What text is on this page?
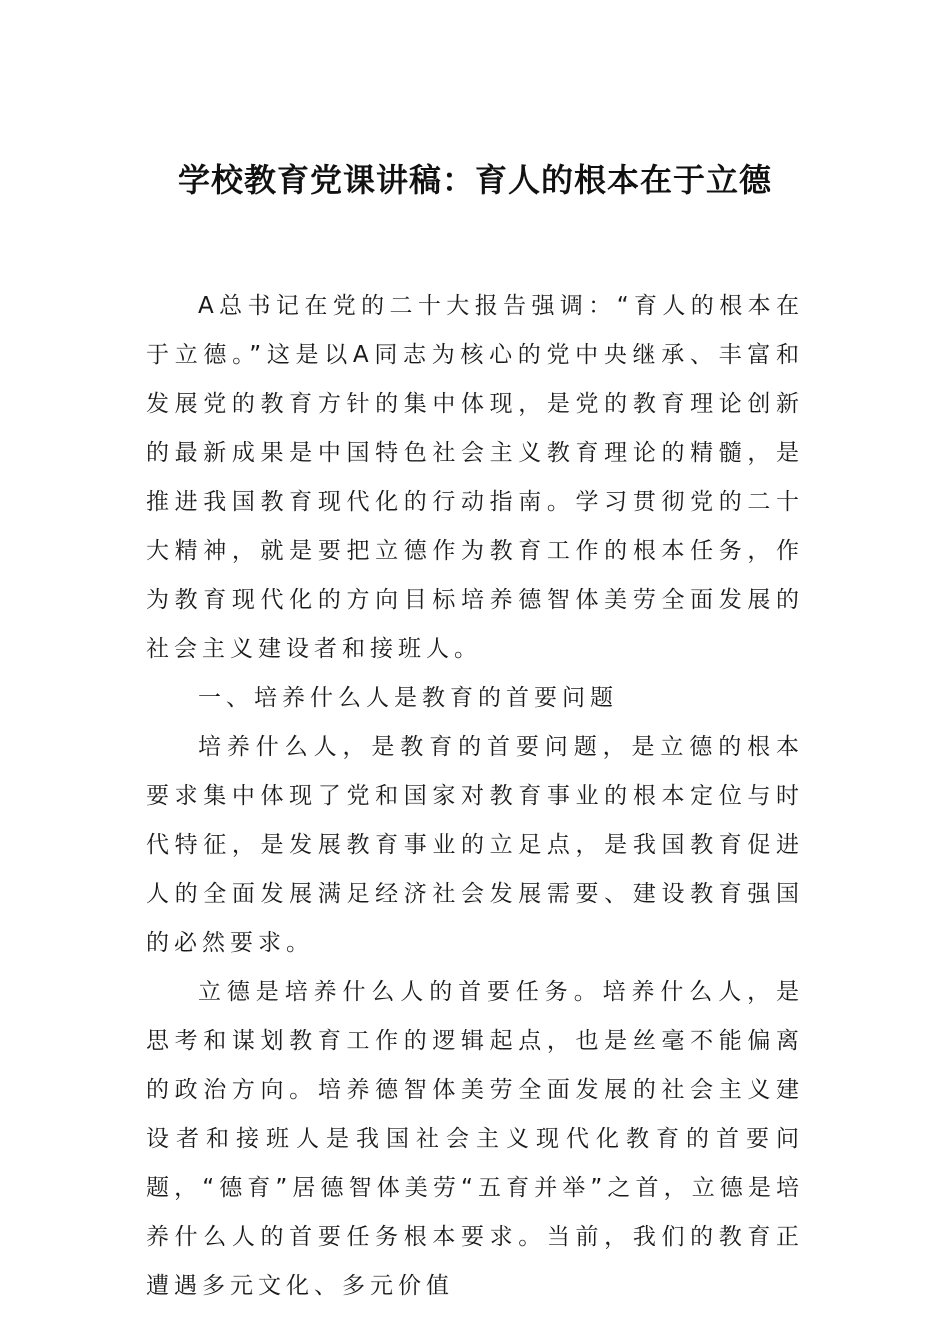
学校教育党课讲稿：育人的根本在于立德

A总书记在党的二十大报告强调：“育人的根本在于立德。”这是以A同志为核心的党中央继承、丰富和发展党的教育方针的集中体现，是党的教育理论创新的最新成果是中国特色社会主义教育理论的精髓，是推进我国教育现代化的行动指南。学习贯彻党的二十大精神，就是要把立德作为教育工作的根本任务，作为教育现代化的方向目标培养德智体美劳全面发展的社会主义建设者和接班人。

一、培养什么人是教育的首要问题

培养什么人，是教育的首要问题，是立德的根本要求集中体现了党和国家对教育事业的根本定位与时代特征，是发展教育事业的立足点，是我国教育促进人的全面发展满足经济社会发展需要、建设教育强国的必然要求。

立德是培养什么人的首要任务。培养什么人，是思考和谋划教育工作的逻辑起点，也是丝毫不能偏离的政治方向。培养德智体美劳全面发展的社会主义建设者和接班人是我国社会主义现代化教育的首要问题，“德育”居德智体美劳“五育并举”之首，立德是培养什么人的首要任务根本要求。当前，我们的教育正遭遇多元文化、多元价值
